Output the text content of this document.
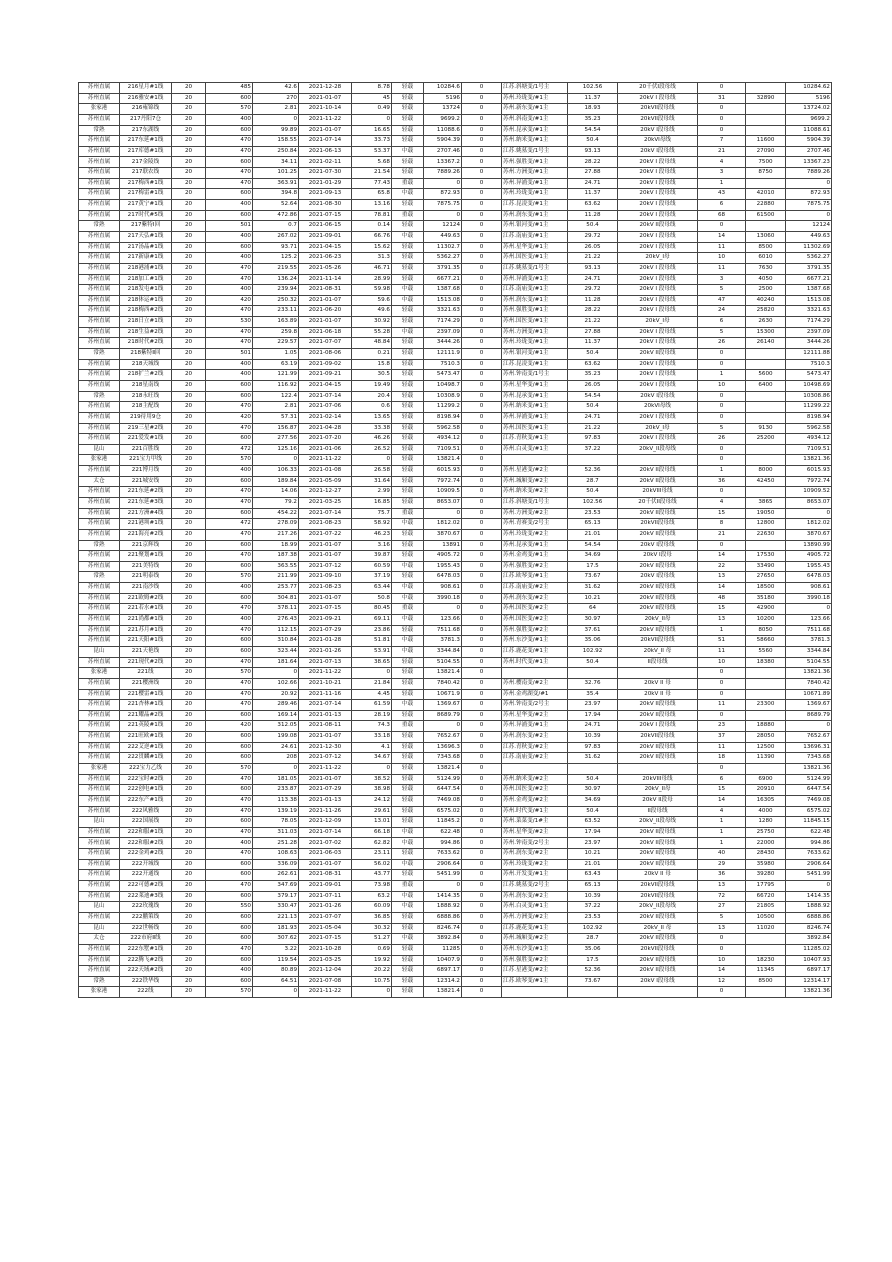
苏州直属	216星月#1线	20	485	42.6	2021-12-28	8.78	轻载	10284.6	0	江苏.斜塘变/1号主	102.56	20千伏I段母线	0		10284.62
苏州直属	216雅安#1线	20	600	270	2021-01-07	45	轻载	5196	0	苏州.玲珑变/#1主	11.37	20kV I 段母线	31	32890	5196
张家港	216雍锦线	20	570	2.81	2021-10-14	0.49	轻载	13724	0	苏州.新东变/#1主	18.93	20kVII段母线	0		13724.02
苏州直属	217丹阳7仓	20	400	0	2021-11-22	0	轻载	9699.2	0	苏州.斜南变/#1主	35.23	20kVII段母线	0		9699.2
常熟	217东湖线	20	600	99.89	2021-01-07	16.65	轻载	11088.6	0	苏州.昆承变/#1主	54.54	20kV I段母线	0		11088.61
苏州直属	217东延#1线	20	470	158.55	2021-07-14	33.73	轻载	5904.39	0	苏州.納米变/#1主	50.4	20kVI母线	7	11600	5904.39
苏州直属	217库德#1线	20	470	250.84	2021-06-13	53.37	中载	2707.46	0	江苏.姚墓变/1号主	93.13	20kV I段母线	21	27090	2707.46
苏州直属	217金陵线	20	600	34.11	2021-02-11	5.68	轻载	13367.2	0	苏州.强胜变/#1主	28.22	20kV I 段母线	4	7500	13367.23
苏州直属	217联农线	20	470	101.25	2021-07-30	21.54	轻载	7889.26	0	苏州.方洲变/#1主	27.88	20kV I 段母线	3	8750	7889.26
苏州直属	217梅西#1线	20	470	363.91	2021-01-29	77.43	重载	0	0	苏州.异浦变/#1主	24.71	20kV I 段母线	1		0
苏州直属	217梅雷#1线	20	600	394.8	2021-09-13	65.8	中载	872.93	0	苏州.玲珑变/#1主	11.37	20kV I 段母线	43	42010	872.93
苏州直属	217黄宁#1线	20	400	52.64	2021-08-30	13.16	轻载	7875.75	0	江苏.昆凌变/#1主	63.62	20kV I 段母线	6	22880	7875.75
苏州直属	217时代#5线	20	600	472.86	2021-07-15	78.81	重载	0	0	苏州.润东变/#1主	11.28	20kV I 段母线	68	61500	0
常熟	217紫特Ⅰ回	20	501	0.7	2021-06-15	0.14	轻载	12124	0	苏州.银河变/#1主	50.4	20kV II段母线	0		12124
苏州直属	217天弘#1线	20	400	267.02	2021-09-01	66.76	中载	449.63	0	江苏.南庙变/#1主	29.72	20kV I 段母线	14	13060	449.63
苏州直属	217汤晶#1线	20	600	93.71	2021-04-15	15.62	轻载	11302.7	0	苏州.星华变/#1主	26.05	20kV I 段母线	11	8500	11302.69
苏州直属	217新康#1线	20	400	125.2	2021-06-23	31.3	轻载	5362.27	0	苏州.国医变/#1主	21.22	20kV_I母	10	6010	5362.27
苏州直属	218港浦#1线	20	470	219.55	2021-05-26	46.71	轻载	3791.35	0	江苏.姚墓变/1号主	93.13	20kV I 段母线	11	7630	3791.35
苏州直属	218加工#1线	20	470	136.24	2021-11-14	28.99	轻载	6677.21	0	苏州.异浦变/#1主	24.71	20kV I 段母线	3	4050	6677.21
苏州直属	218发屯#1线	20	400	239.94	2021-08-31	59.98	中载	1387.68	0	江苏.南庙变/#1主	29.72	20kV I 段母线	5	2500	1387.68
苏州直属	218体运#1线	20	420	250.32	2021-01-07	59.6	中载	1513.08	0	苏州.润东变/#1主	11.28	20kV I 段母线	47	40240	1513.08
苏州直属	218梅西#2线	20	470	233.11	2021-06-20	49.6	轻载	3321.63	0	苏州.强胜变/#1主	28.22	20kV I 段母线	24	25820	3321.63
苏州直属	218日立#1线	20	530	163.89	2021-01-07	30.92	轻载	7174.29	0	苏州.国医变/#1主	21.22	20kV_I母	6	2630	7174.29
苏州直属	218生益#2线	20	470	259.8	2021-06-18	55.28	中载	2397.09	0	苏州.方洲变/#1主	27.88	20kV I 段母线	5	15300	2397.09
苏州直属	218时代#2线	20	470	229.57	2021-07-07	48.84	轻载	3444.26	0	苏州.玲珑变/#1主	11.37	20kV I 段母线	26	26140	3444.26
常熟	218紫特Ⅱ回	20	501	1.05	2021-08-06	0.21	轻载	12111.9	0	苏州.银河变/#1主	50.4	20kV II段母线	0		12111.88
苏州直属	218天城线	20	400	63.19	2021-09-02	15.8	轻载	7510.3	0	江苏.昆凌变/#1主	63.62	20kV I 段母线	0		7510.3
苏州直属	218扩兰#2线	20	400	121.99	2021-09-21	30.5	轻载	5473.47	0	苏州.钟南变/1号主	35.23	20kV I 段母线	1	5600	5473.47
苏州直属	218星南线	20	600	116.92	2021-04-15	19.49	轻载	10498.7	0	苏州.星华变/#1主	26.05	20kV I 段母线	10	6400	10498.69
常熟	218永旺线	20	600	122.4	2021-07-14	20.4	轻载	10308.9	0	苏州.昆承变/#1主	54.54	20kV I段母线	0		10308.86
苏州直属	218主配线	20	470	2.81	2021-07-06	0.6	轻载	11299.2	0	苏州.納米变/#1主	50.4	20kVI母线	0		11299.22
苏州直属	219待用9仓	20	420	57.31	2021-02-14	13.65	轻载	8198.94	0	苏州.异浦变/#1主	24.71	20kV I 段母线	0		8198.94
苏州直属	219三星#2线	20	470	156.87	2021-04-28	33.38	轻载	5962.58	0	苏州.国医变/#1主	21.22	20kV_I母	5	9130	5962.58
苏州直属	221爱发#1线	20	600	277.56	2021-07-20	46.26	轻载	4934.12	0	江苏.青秋变/#1主	97.83	20kV I 段母线	26	25200	4934.12
昆山	221百胜线	20	472	125.16	2021-01-06	26.52	轻载	7109.51	0	苏州.白灵变/#1主	37.22	20kV_II段母线	0		7109.51
张家港	221宝力甲线	20	570	0	2021-11-22	0	轻载	13821.4	0				0		13821.36
苏州直属	221博月线	20	400	106.33	2021-01-08	26.58	轻载	6015.93	0	苏州.星港变/#2主	52.36	20kV II段母线	1	8000	6015.93
太仓	221城安线	20	600	189.84	2021-05-09	31.64	轻载	7972.74	0	苏州.城厢变/#2主	28.7	20kV II段母线	36	42450	7972.74
苏州直属	221东延#2线	20	470	14.06	2021-12-27	2.99	轻载	10909.5	0	苏州.納米变/#2主	50.4	20kVIII母线	0		10909.52
苏州直属	221东延#3线	20	470	79.2	2021-03-25	16.85	轻载	8653.07	0	江苏.斜塘变/1号主	102.56	20千伏II段母线	4	3865	8653.07
苏州直属	221方洲#4线	20	600	454.22	2021-07-14	75.7	重载	0	0	苏州.方洲变/#2主	23.53	20kV II段母线	15	19050	0
苏州直属	221港圳#1线	20	472	278.09	2021-08-23	58.92	中载	1812.02	0	苏州.青赛变/2号主	65.13	20kVII段母线	8	12800	1812.02
苏州直属	221海亮#2线	20	470	217.26	2021-07-22	46.23	轻载	3870.67	0	苏州.玲珑变/#2主	21.01	20kV II段母线	21	22630	3870.67
常熟	221京辉线	20	600	18.99	2021-01-07	3.16	轻载	13891	0	苏州.昆承变/#1主	54.54	20kV I段母线	0		13890.99
苏州直属	221聚划#1线	20	470	187.38	2021-01-07	39.87	轻载	4905.72	0	苏州.金鸡变/#1主	34.69	20kV I段母	14	17530	4905.72
苏州直属	221美特线	20	600	363.55	2021-07-12	60.59	中载	1955.43	0	苏州.强胜变/#2主	17.5	20kV II段母线	22	33490	1955.43
常熟	221明泰线	20	570	211.99	2021-09-10	37.19	轻载	6478.03	0	江苏.欧琴变/#1主	73.67	20kV I段母线	13	27650	6478.03
苏州直属	221南沙线	20	400	253.77	2021-08-23	63.44	中载	908.61	0	江苏.南庙变/#2主	31.62	20kV II段母线	14	18500	908.61
苏州直属	221欧姆#2线	20	600	304.81	2021-01-07	50.8	中载	3990.18	0	苏州.润东变/#2主	10.21	20kV II段母线	48	35180	3990.18
苏州直属	221若水#1线	20	470	378.11	2021-07-15	80.45	重载	0	0	苏州.国医变/#2主	64	20kV II段母线	15	42900	0
苏州直属	221尚都#1线	20	400	276.43	2021-09-21	69.11	中载	123.66	0	苏州.国医变/#2主	30.97	20kV_II母	13	10200	123.66
苏州直属	221苏月#1线	20	470	112.15	2021-07-29	23.86	轻载	7511.68	0	苏州.强胜变/#2主	37.61	20kV II段母线	1	8050	7511.68
苏州直属	221天阳#1线	20	600	310.84	2021-01-28	51.81	中载	3781.3	0	苏州.东沙变/#1主	35.06	20kVII段母线	51	58660	3781.3
昆山	221天艳线	20	600	323.44	2021-01-26	53.91	中载	3344.84	0	江苏.鹿花变/#1主	102.92	20kV_II 母	11	5560	3344.84
苏州直属	221现代#2线	20	470	181.64	2021-07-13	38.65	轻载	5104.55	0	苏州.时代变/#1主	50.4	II段母线	10	18380	5104.55
张家港	221线	20	570	0	2021-11-22	0	轻载	13821.4	0				0		13821.36
苏州直属	221樱洲线	20	470	102.66	2021-10-21	21.84	轻载	7840.42	0	苏州.樱南变/#2主	32.76	20kV II 母	0		7840.42
苏州直属	221樱雷#1线	20	470	20.92	2021-11-16	4.45	轻载	10671.9	0	苏州.金鸡湖变/#1	35.4	20kV II 母	0		10671.89
苏州直属	221杏林#1线	20	470	289.46	2021-07-14	61.59	中载	1369.67	0	苏州.钟南变/2号主	23.97	20kV II段母线	11	23300	1369.67
苏州直属	221耀晶#2线	20	600	169.14	2021-01-13	28.19	轻载	8689.79	0	苏州.星华变/#2主	17.94	20kV II段母线	0		8689.79
苏州直属	221英陵#1线	20	420	312.05	2021-08-11	74.3	重载	0	0	苏州.异浦变/#1主	24.71	20kV I 段母线	23	18880	0
苏州直属	221旺欧#1线	20	600	199.08	2021-01-07	33.18	轻载	7652.67	0	苏州.润东变/#2主	10.39	20kVII段母线	37	28050	7652.67
苏州直属	222艾逆#1线	20	600	24.61	2021-12-30	4.1	轻载	13696.3	0	江苏.青秋变/#2主	97.83	20kV II段母线	11	12500	13696.31
苏州直属	222贯麟#1线	20	600	208	2021-07-12	34.67	轻载	7343.68	0	江苏.南庙变/#2主	31.62	20kV II段母线	18	11390	7343.68
张家港	222宝力乙线	20	570	0	2021-11-22	0	轻载	13821.4	0				0		13821.36
苏州直属	222宝时#2线	20	470	181.05	2021-01-07	38.52	轻载	5124.99	0	苏州.納米变/#2主	50.4	20kVIII母线	6	6900	5124.99
苏州直属	222创电#1线	20	600	233.87	2021-07-29	38.98	轻载	6447.54	0	苏州.国医变/#2主	30.97	20kV_II母	15	20910	6447.54
苏州直属	222东产#1线	20	470	113.38	2021-01-13	24.12	轻载	7469.08	0	苏州.金鸡变/#2主	34.69	20kV II段母	14	16305	7469.08
苏州直属	222风雅线	20	470	139.19	2021-11-26	29.61	轻载	6575.02	0	苏州.时代变/#1主	50.4	II段母线	4	4000	6575.02
昆山	222国展线	20	600	78.05	2021-12-09	13.01	轻载	11845.2	0	苏州.菜菜变/1#主	63.52	20kV_II段母线	1	1280	11845.15
苏州直属	222和服#1线	20	470	311.03	2021-07-14	66.18	中载	622.48	0	苏州.星华变/#2主	17.94	20kV II段母线	1	25750	622.48
苏州直属	222和服#2线	20	400	251.28	2021-07-02	62.82	中载	994.86	0	苏州.钟南变/2号主	23.97	20kV II段母线	1	22000	994.86
苏州直属	222金鸡#2线	20	470	108.63	2021-06-03	23.11	轻载	7633.62	0	苏州.润东变/#2主	10.21	20kV II段母线	40	28430	7633.62
苏州直属	222开城线	20	600	336.09	2021-01-07	56.02	中载	2906.64	0	苏州.玲珑变/#2主	21.01	20kV II段母线	29	35980	2906.64
苏州直属	222开通线	20	600	262.61	2021-08-31	43.77	轻载	5451.99	0	苏州.开发变/#1主	63.43	20kV II 母	36	39280	5451.99
苏州直属	222可德#2线	20	470	347.69	2021-09-01	73.98	重载	0	0	江苏.姚墓变/2号主	65.13	20kVII段母线	13	17795	0
苏州直属	222莱迪#3线	20	600	379.17	2021-07-11	63.2	中载	1414.35	0	苏州.润东变/#2主	10.39	20kVII段母线	72	66720	1414.35
昆山	222玫瑰线	20	550	330.47	2021-01-26	60.09	中载	1888.92	0	苏州.白灵变/#1主	37.22	20kV_II段母线	27	21805	1888.92
苏州直属	222鹏策线	20	600	221.13	2021-07-07	36.85	轻载	6888.86	0	苏州.方洲变/#2主	23.53	20kV II段母线	5	10500	6888.86
昆山	222世畅线	20	600	181.93	2021-05-04	30.32	轻载	8246.74	0	江苏.鹿花变/#1主	102.92	20kV_II 母	13	11020	8246.74
太仓	222市府Ⅱ线	20	600	307.62	2021-07-15	51.27	中载	3892.84	0	苏州.城厢变/#2主	28.7	20kV II段母线	0		3892.84
苏州直属	222东墅#1线	20	470	3.22	2021-10-28	0.69	轻载	11285	0	苏州.东沙变/#1主	35.06	20kVII段母线	0		11285.02
苏州直属	222腾飞#2线	20	600	119.54	2021-03-25	19.92	轻载	10407.9	0	苏州.强胜变/#2主	17.5	20kV II段母线	10	18230	10407.93
苏州直属	222天域#2线	20	400	80.89	2021-12-04	20.22	轻载	6897.17	0	江苏.星港变/#2主	52.36	20kV II段母线	14	11345	6897.17
常熟	222铁华线	20	600	64.51	2021-07-08	10.75	轻载	12314.2	0	江苏.欧琴变/#1主	73.67	20kV I段母线	12	8500	12314.17
张家港	222线	20	570	0	2021-11-22	0	轻载	13821.4	0				0		13821.36
